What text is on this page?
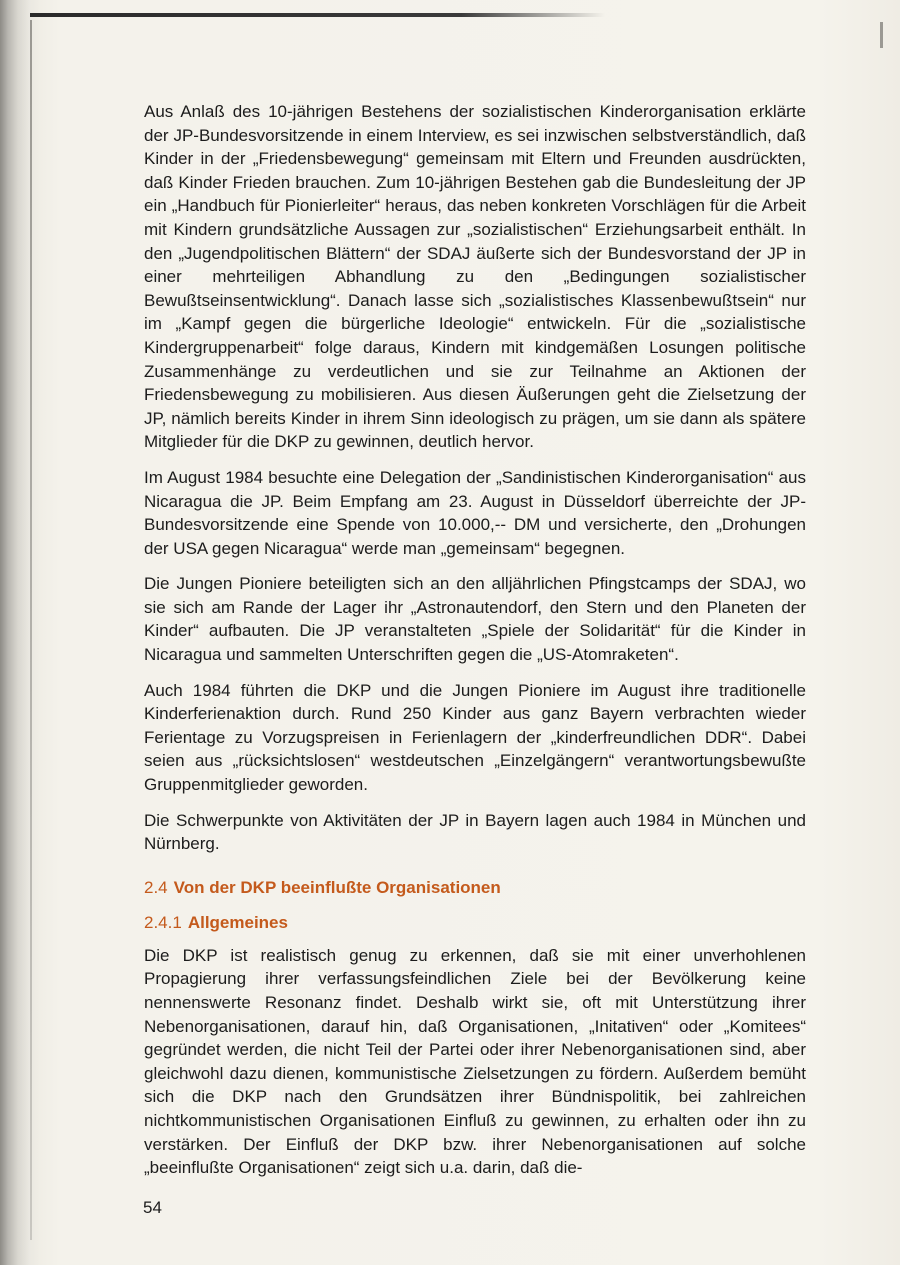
Aus Anlaß des 10-jährigen Bestehens der sozialistischen Kinderorganisation erklärte der JP-Bundesvorsitzende in einem Interview, es sei inzwischen selbstverständlich, daß Kinder in der „Friedensbewegung“ gemeinsam mit Eltern und Freunden ausdrückten, daß Kinder Frieden brauchen. Zum 10-jährigen Bestehen gab die Bundesleitung der JP ein „Handbuch für Pionierleiter“ heraus, das neben konkreten Vorschlägen für die Arbeit mit Kindern grundsätzliche Aussagen zur „sozialistischen“ Erziehungsarbeit enthält. In den „Jugendpolitischen Blättern“ der SDAJ äußerte sich der Bundesvorstand der JP in einer mehrteiligen Abhandlung zu den „Bedingungen sozialistischer Bewußtseinsentwicklung“. Danach lasse sich „sozialistisches Klassenbewußtsein“ nur im „Kampf gegen die bürgerliche Ideologie“ entwickeln. Für die „sozialistische Kindergruppenarbeit“ folge daraus, Kindern mit kindgemäßen Losungen politische Zusammenhänge zu verdeutlichen und sie zur Teilnahme an Aktionen der Friedensbewegung zu mobilisieren. Aus diesen Äußerungen geht die Zielsetzung der JP, nämlich bereits Kinder in ihrem Sinn ideologisch zu prägen, um sie dann als spätere Mitglieder für die DKP zu gewinnen, deutlich hervor.

Im August 1984 besuchte eine Delegation der „Sandinistischen Kinderorganisation“ aus Nicaragua die JP. Beim Empfang am 23. August in Düsseldorf überreichte der JP-Bundesvorsitzende eine Spende von 10.000,-- DM und versicherte, den „Drohungen der USA gegen Nicaragua“ werde man „gemeinsam“ begegnen.

Die Jungen Pioniere beteiligten sich an den alljährlichen Pfingstcamps der SDAJ, wo sie sich am Rande der Lager ihr „Astronautendorf, den Stern und den Planeten der Kinder“ aufbauten. Die JP veranstalteten „Spiele der Solidarität“ für die Kinder in Nicaragua und sammelten Unterschriften gegen die „US-Atomraketen“.

Auch 1984 führten die DKP und die Jungen Pioniere im August ihre traditionelle Kinderferienaktion durch. Rund 250 Kinder aus ganz Bayern verbrachten wieder Ferientage zu Vorzugspreisen in Ferienlagern der „kinderfreundlichen DDR“. Dabei seien aus „rücksichtslosen“ westdeutschen „Einzelgängern“ verantwortungsbewußte Gruppenmitglieder geworden.

Die Schwerpunkte von Aktivitäten der JP in Bayern lagen auch 1984 in München und Nürnberg.

2.4 Von der DKP beeinflußte Organisationen
2.4.1 Allgemeines

Die DKP ist realistisch genug zu erkennen, daß sie mit einer unverhohlenen Propagierung ihrer verfassungsfeindlichen Ziele bei der Bevölkerung keine nennenswerte Resonanz findet. Deshalb wirkt sie, oft mit Unterstützung ihrer Nebenorganisationen, darauf hin, daß Organisationen, „Initativen“ oder „Komitees“ gegründet werden, die nicht Teil der Partei oder ihrer Nebenorganisationen sind, aber gleichwohl dazu dienen, kommunistische Zielsetzungen zu fördern. Außerdem bemüht sich die DKP nach den Grundsätzen ihrer Bündnispolitik, bei zahlreichen nichtkommunistischen Organisationen Einfluß zu gewinnen, zu erhalten oder ihn zu verstärken. Der Einfluß der DKP bzw. ihrer Nebenorganisationen auf solche „beeinflußte Organisationen“ zeigt sich u.a. darin, daß die-

54
